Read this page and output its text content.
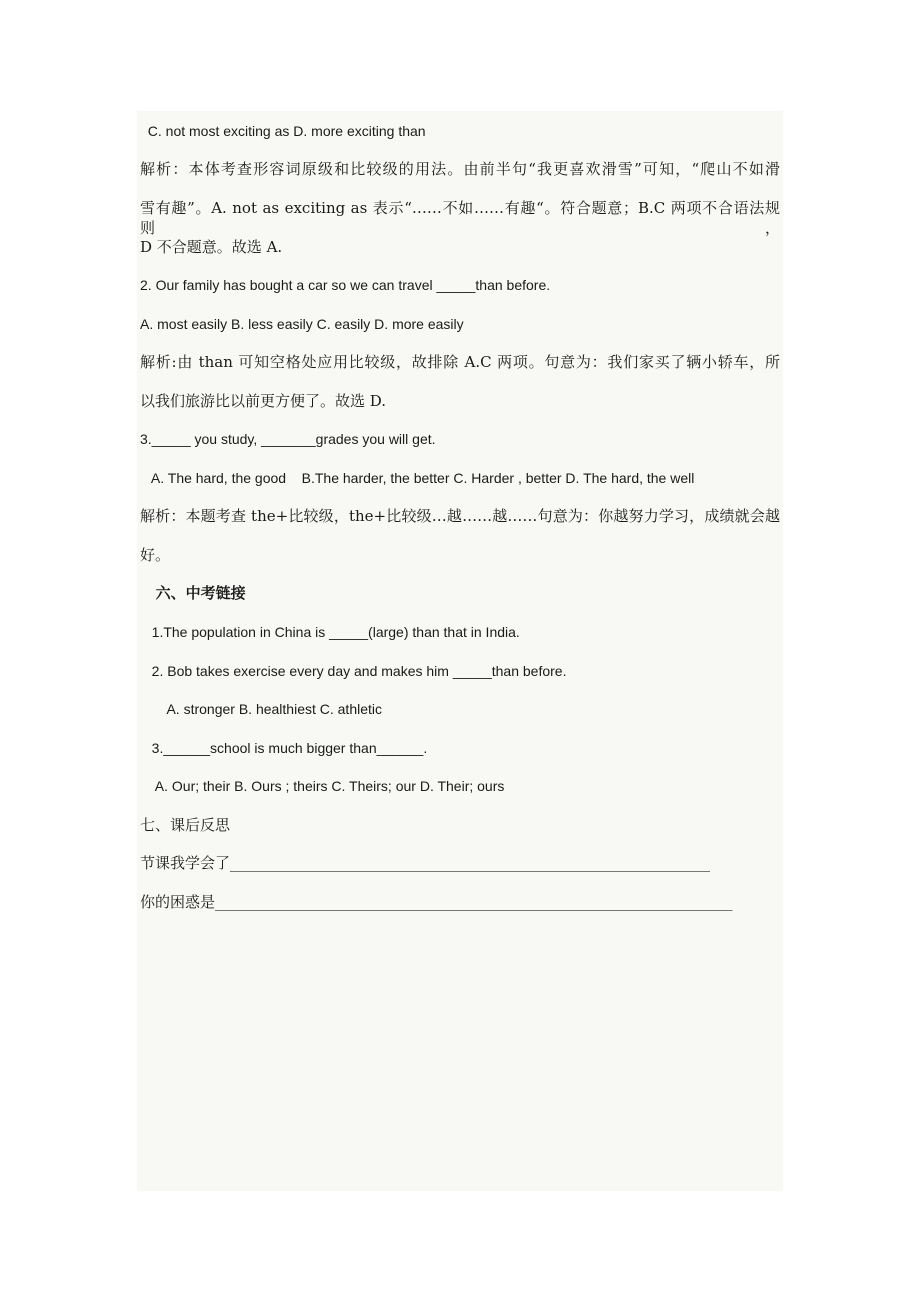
C. not most exciting as D. more exciting than
解析：本体考查形容词原级和比较级的用法。由前半句“我更喜欢滑雪”可知，“爬山不如滑
雪有趣”。A. not as exciting as 表示“……不如……有趣“。符合题意；B.C 两项不合语法规则，
D 不合题意。故选 A.
2. Our family has bought a car so we can travel _____than before.
A. most easily B. less easily C. easily D. more easily
解析:由 than 可知空格处应用比较级，故排除 A.C 两项。句意为：我们家买了辆小轿车，所
以我们旅游比以前更方便了。故选 D.
3._____ you study, _______grades you will get.
A. The hard, the good    B.The harder, the better C. Harder , better D. The hard, the well
解析：本题考查 the+比较级，the+比较级…越……越……句意为：你越努力学习，成绩就会越
好。
六、中考链接
1.The population in China is _____(large) than that in India.
2. Bob takes exercise every day and makes him _____than before.
A. stronger B. healthiest C. athletic
3.______school is much bigger than______.
A. Our; their B. Ours ; theirs C. Theirs; our D. Their; ours
七、课后反思
节课我学会了________________________________________________________________
你的困惑是_____________________________________________________________________
